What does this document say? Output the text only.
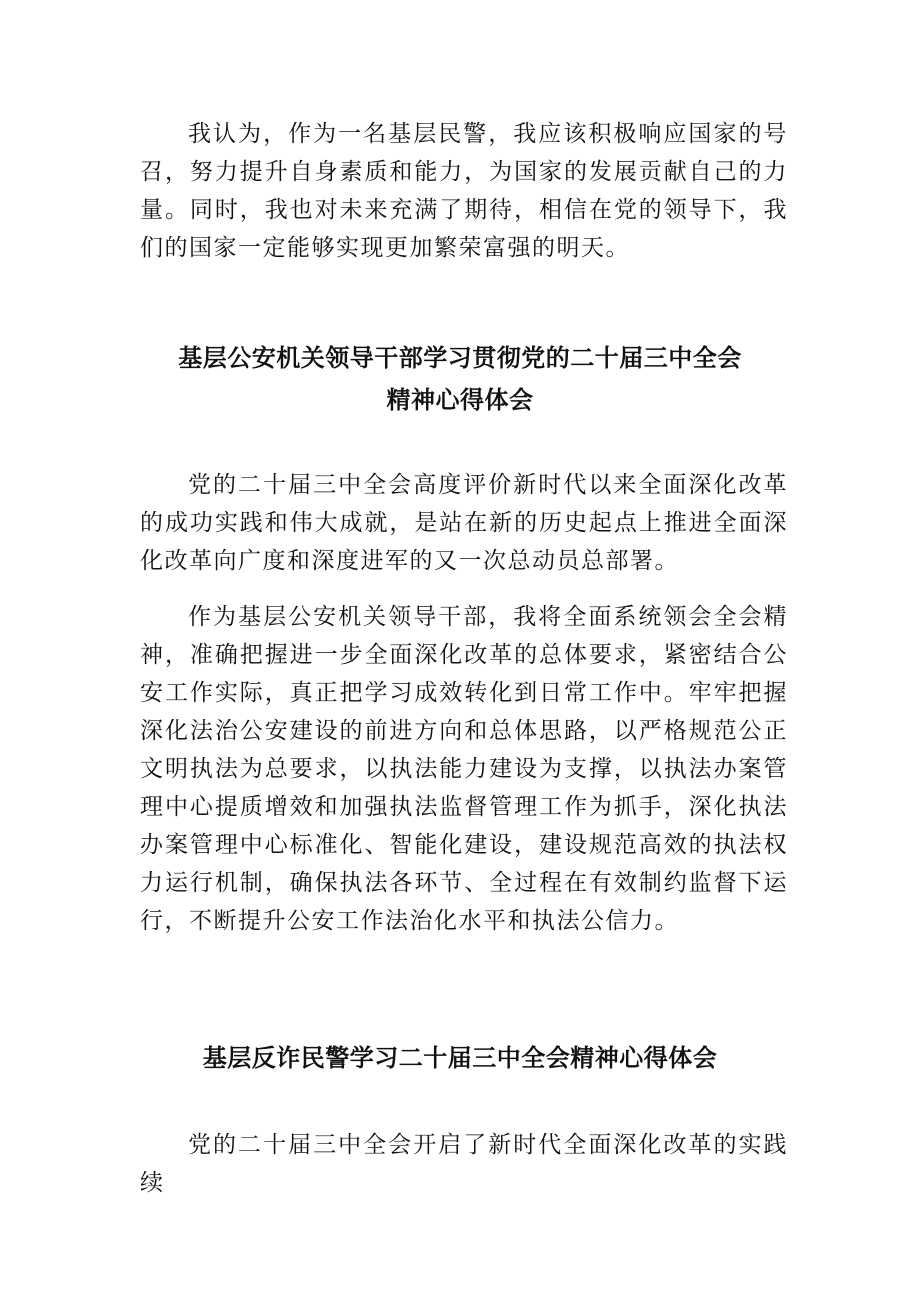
我认为，作为一名基层民警，我应该积极响应国家的号召，努力提升自身素质和能力，为国家的发展贡献自己的力量。同时，我也对未来充满了期待，相信在党的领导下，我们的国家一定能够实现更加繁荣富强的明天。

基层公安机关领导干部学习贯彻党的二十届三中全会
精神心得体会

党的二十届三中全会高度评价新时代以来全面深化改革的成功实践和伟大成就，是站在新的历史起点上推进全面深化改革向广度和深度进军的又一次总动员总部署。

作为基层公安机关领导干部，我将全面系统领会全会精神，准确把握进一步全面深化改革的总体要求，紧密结合公安工作实际，真正把学习成效转化到日常工作中。牢牢把握深化法治公安建设的前进方向和总体思路，以严格规范公正文明执法为总要求，以执法能力建设为支撑，以执法办案管理中心提质增效和加强执法监督管理工作为抓手，深化执法办案管理中心标准化、智能化建设，建设规范高效的执法权力运行机制，确保执法各环节、全过程在有效制约监督下运行，不断提升公安工作法治化水平和执法公信力。

基层反诈民警学习二十届三中全会精神心得体会

党的二十届三中全会开启了新时代全面深化改革的实践续
